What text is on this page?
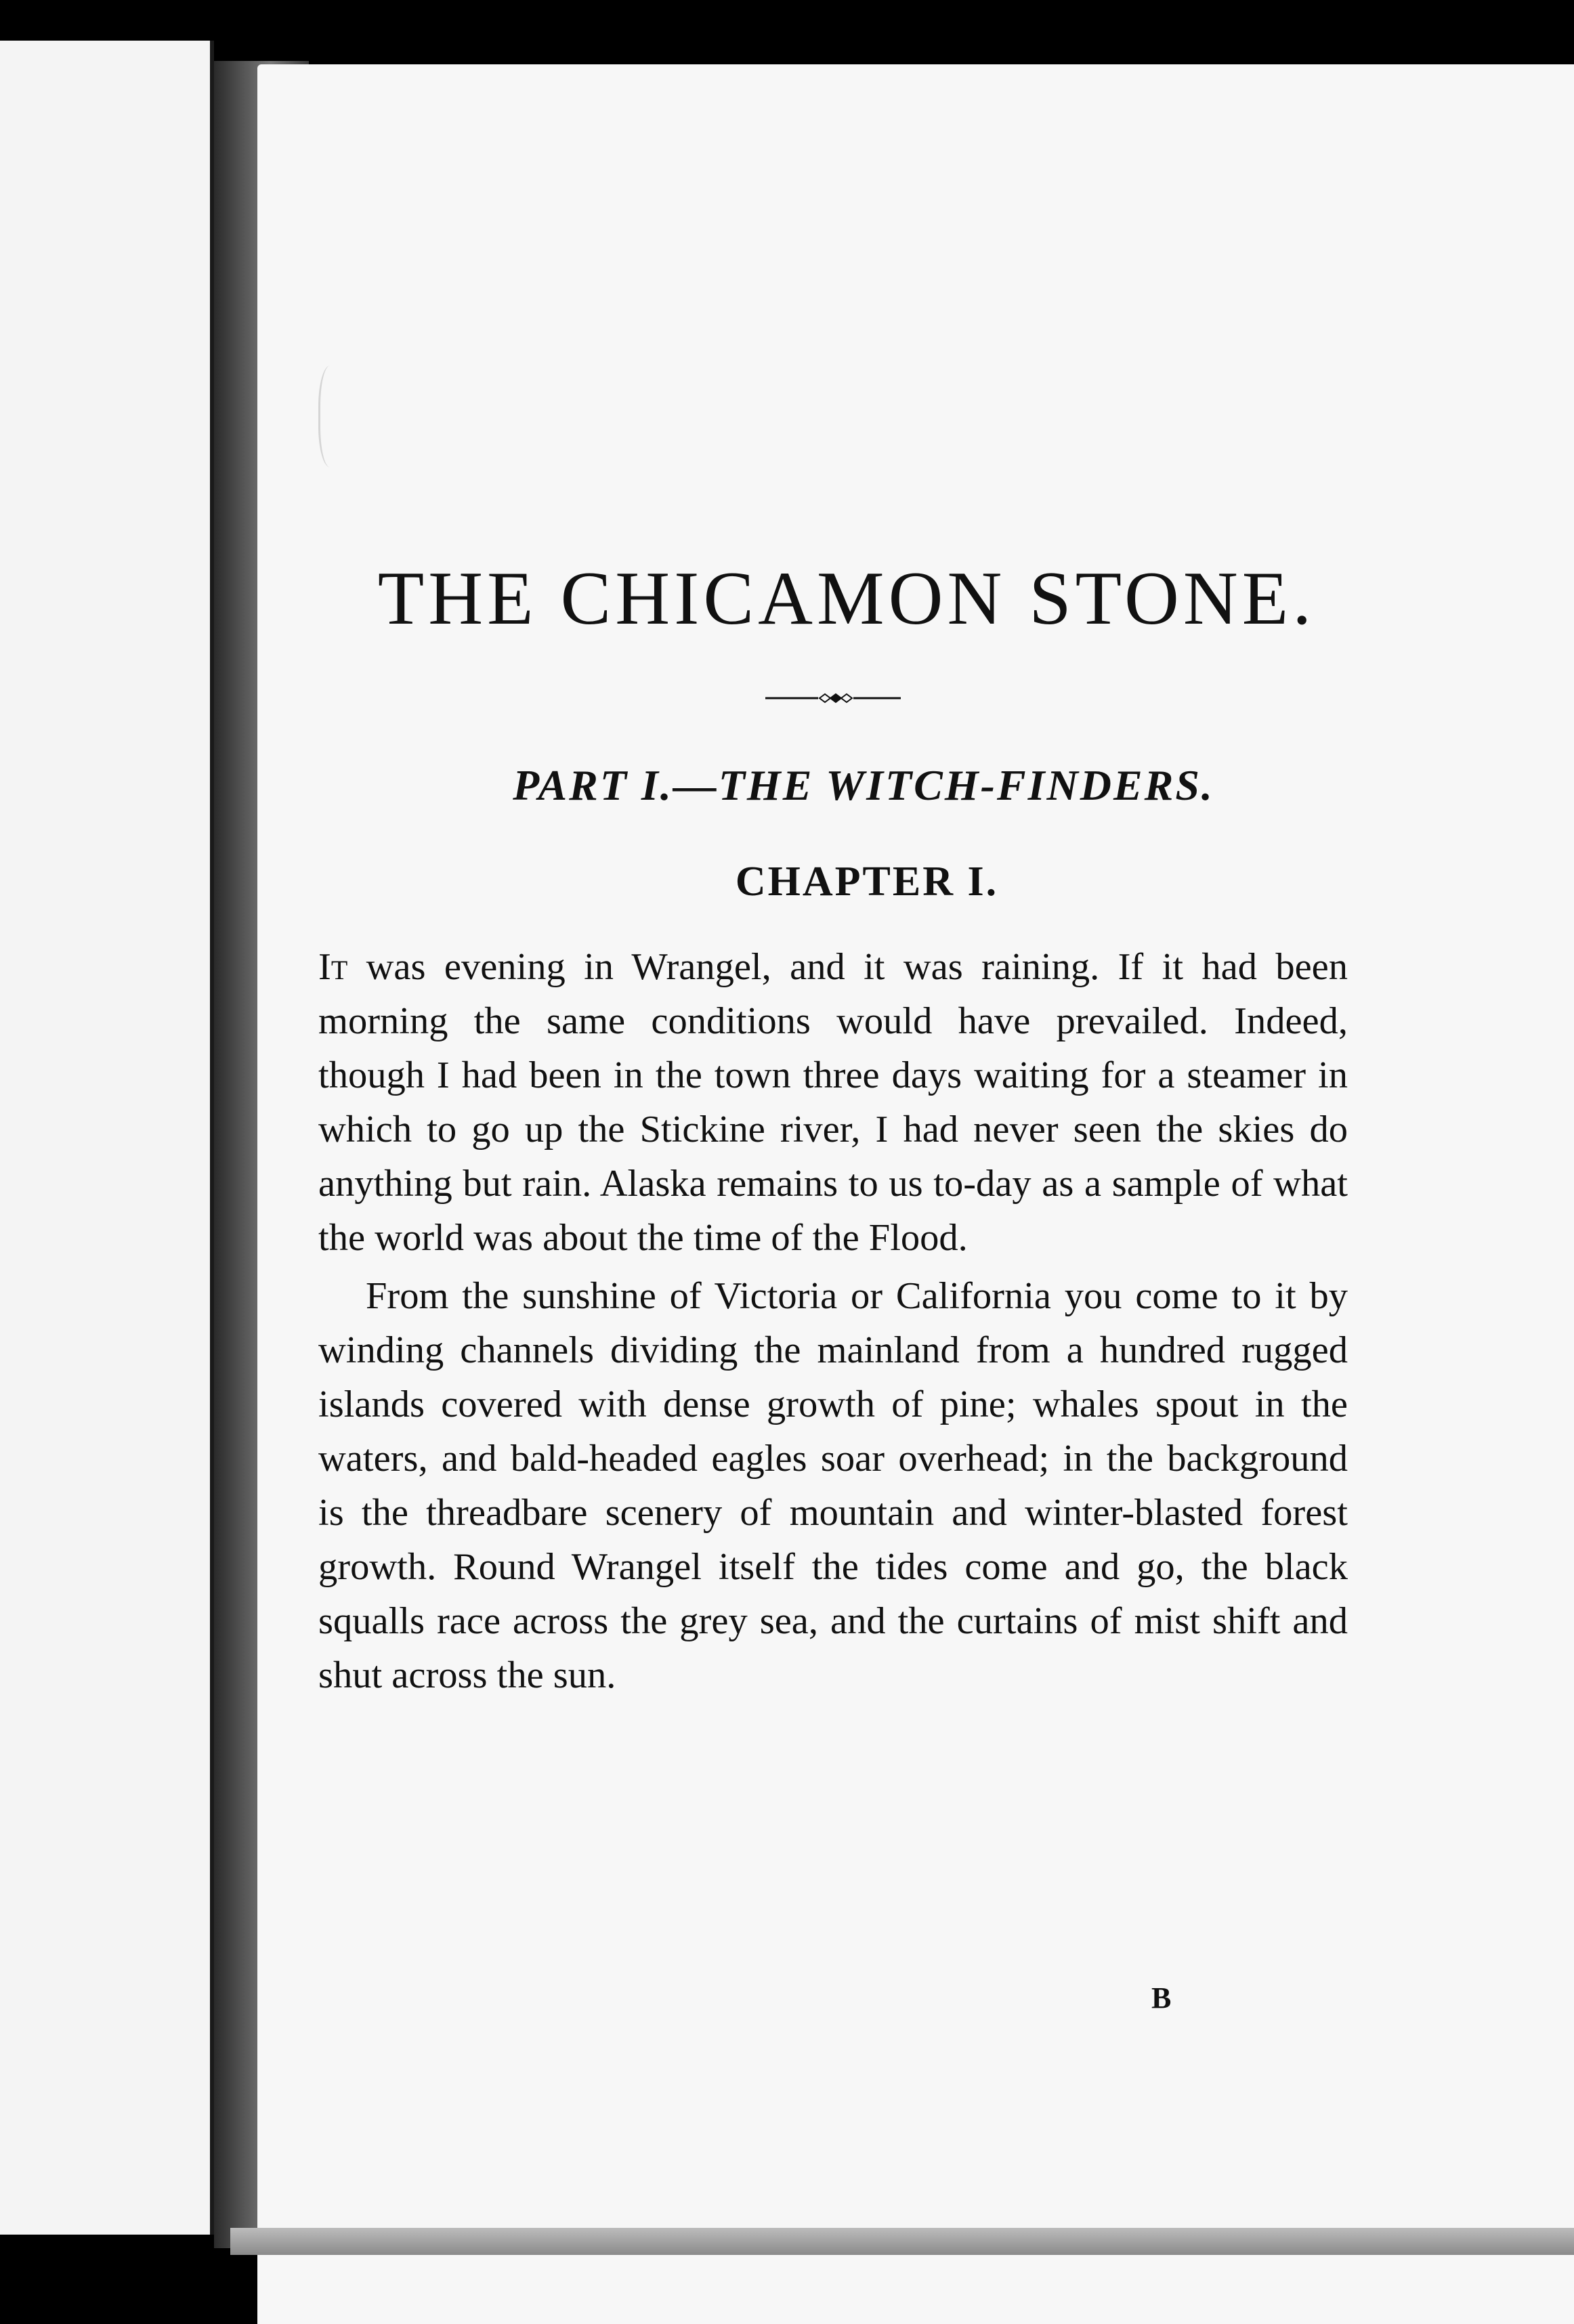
THE CHICAMON STONE.
PART I.—THE WITCH-FINDERS.
CHAPTER I.

It was evening in Wrangel, and it was raining. If it had been morning the same conditions would have prevailed. Indeed, though I had been in the town three days waiting for a steamer in which to go up the Stickine river, I had never seen the skies do anything but rain. Alaska remains to us to-day as a sample of what the world was about the time of the Flood.

From the sunshine of Victoria or California you come to it by winding channels dividing the mainland from a hundred rugged islands covered with dense growth of pine; whales spout in the waters, and bald-headed eagles soar overhead; in the background is the threadbare scenery of mountain and winter-blasted forest growth. Round Wrangel itself the tides come and go, the black squalls race across the grey sea, and the curtains of mist shift and shut across the sun.

B
